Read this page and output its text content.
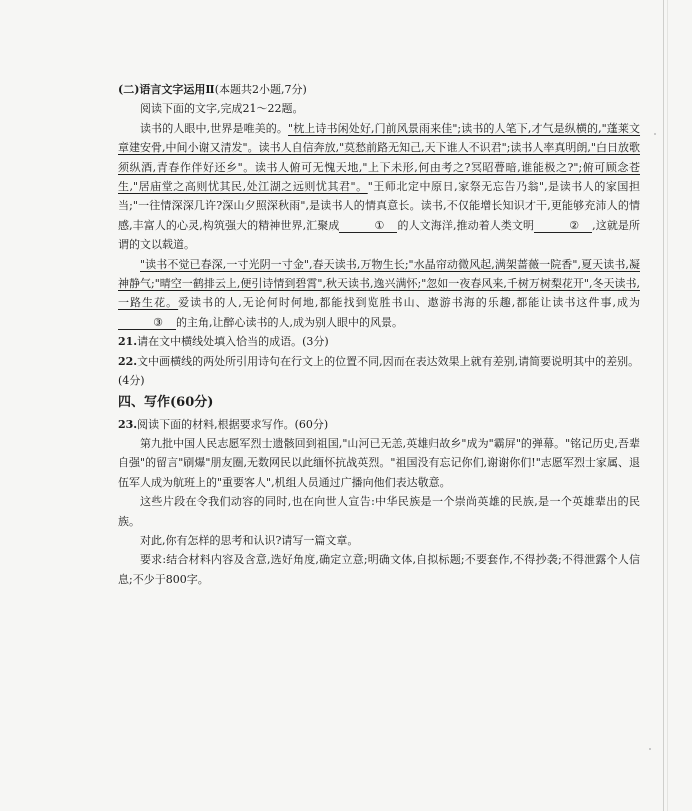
(二)语言文字运用Ⅱ(本题共2小题,7分)

阅读下面的文字,完成21～22题。

读书的人眼中,世界是唯美的。"枕上诗书闲处好,门前风景雨来佳";读书的人笔下,才气是纵横的,"蓬莱文章建安骨,中间小谢又清发"。读书人自信奔放,"莫愁前路无知己,天下谁人不识君";读书人率真明朗,"白日放歌须纵酒,青春作伴好还乡"。读书人俯可无愧天地,"上下未形,何由考之?冥昭瞢暗,谁能极之?";俯可顾念苍生,"居庙堂之高则忧其民,处江湖之远则忧其君"。"王师北定中原日,家祭无忘告乃翁",是读书人的家国担当;"一往情深深几许?深山夕照深秋雨",是读书人的情真意长。读书,不仅能增长知识才干,更能够充沛人的情感,丰富人的心灵,构筑强大的精神世界,汇聚成	① 的人文海洋,推动着人类文明	② ,这就是所谓的文以载道。

"读书不觉已春深,一寸光阴一寸金",春天读书,万物生长;"水晶帘动微风起,满架蔷薇一院香",夏天读书,凝神静气;"晴空一鹤排云上,便引诗情到碧霄",秋天读书,逸兴满怀;"忽如一夜春风来,千树万树梨花开",冬天读书,一路生花。爱读书的人,无论何时何地,都能找到览胜书山、遨游书海的乐趣,都能让读书这件事,成为③ 的主角,让醉心读书的人,成为别人眼中的风景。

21.请在文中横线处填入恰当的成语。(3分)

22.文中画横线的两处所引用诗句在行文上的位置不同,因而在表达效果上就有差别,请简要说明其中的差别。(4分)

四、写作(60分)

23.阅读下面的材料,根据要求写作。(60分)

第九批中国人民志愿军烈士遗骸回到祖国,"山河已无恙,英雄归故乡"成为"霸屏"的弹幕。"铭记历史,吾辈自强"的留言"刷爆"朋友圈,无数网民以此缅怀抗战英烈。"祖国没有忘记你们,谢谢你们!"志愿军烈士家属、退伍军人成为航班上的"重要客人",机组人员通过广播向他们表达敬意。

这些片段在令我们动容的同时,也在向世人宣告:中华民族是一个崇尚英雄的民族,是一个英雄辈出的民族。

对此,你有怎样的思考和认识?请写一篇文章。

要求:结合材料内容及含意,选好角度,确定立意;明确文体,自拟标题;不要套作,不得抄袭;不得泄露个人信息;不少于800字。
